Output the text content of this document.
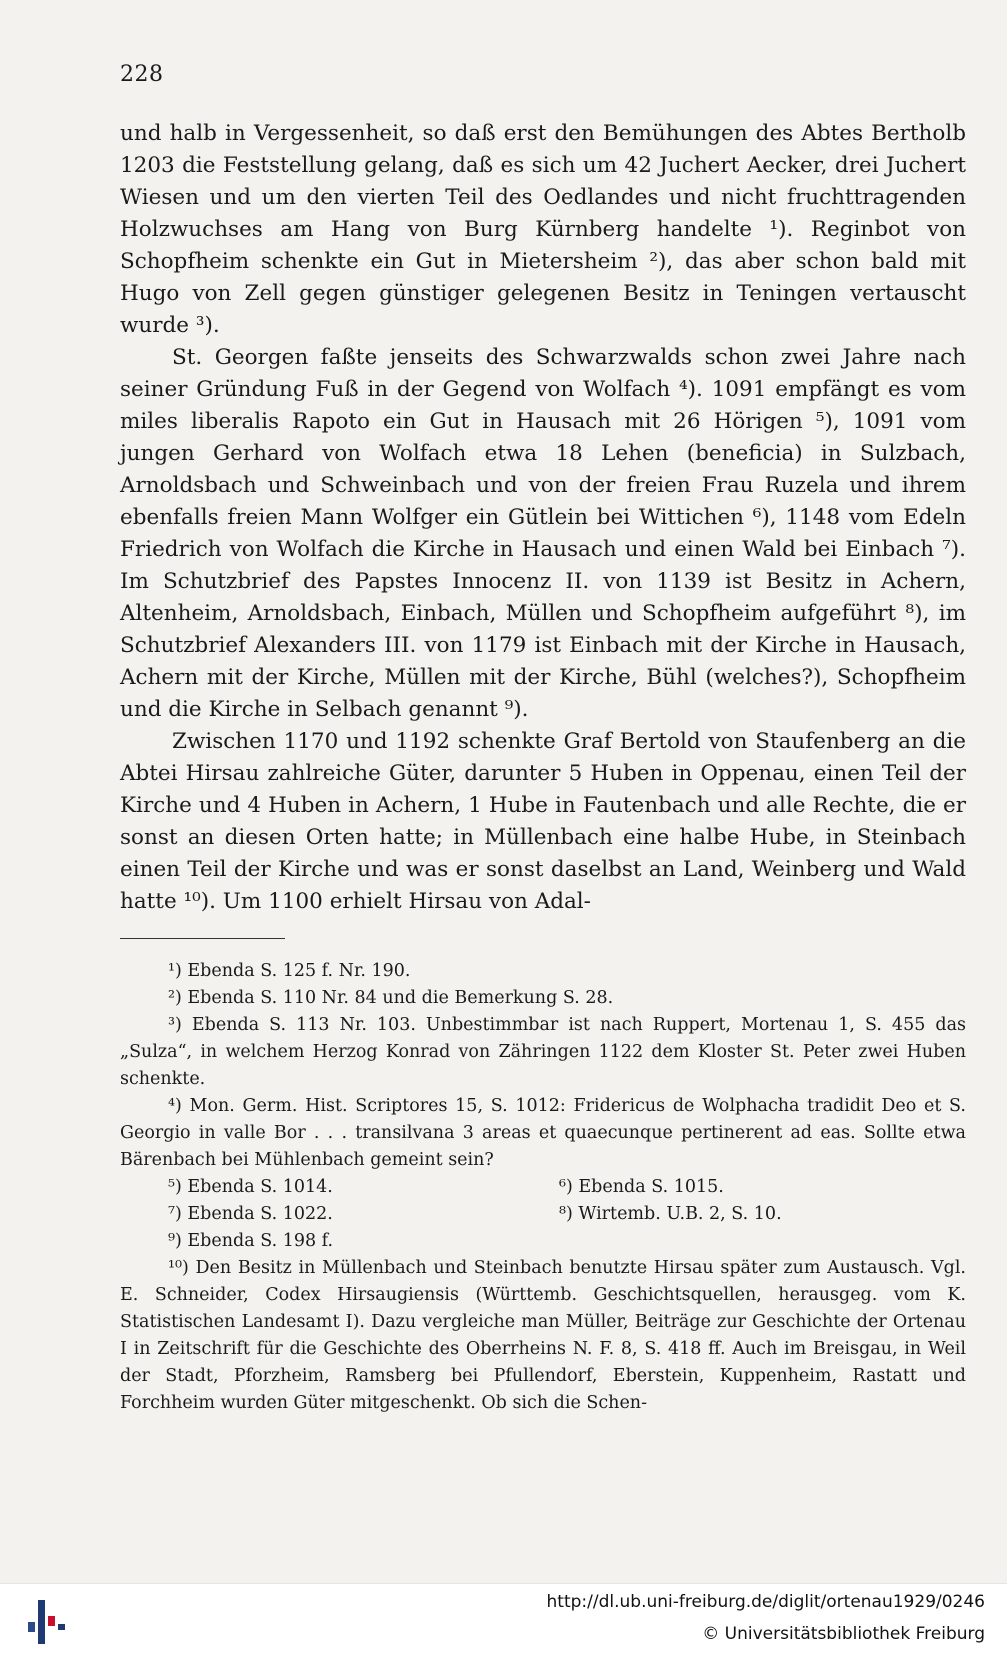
228

und halb in Vergessenheit, so daß erst den Bemühungen des Abtes Bertholb 1203 die Feststellung gelang, daß es sich um 42 Juchert Aecker, drei Juchert Wiesen und um den vierten Teil des Oedlandes und nicht fruchttragenden Holzwuchses am Hang von Burg Kürnberg handelte ¹). Reginbot von Schopfheim schenkte ein Gut in Mietersheim ²), das aber schon bald mit Hugo von Zell gegen günstiger gelegenen Besitz in Teningen vertauscht wurde ³).

St. Georgen faßte jenseits des Schwarzwalds schon zwei Jahre nach seiner Gründung Fuß in der Gegend von Wolfach ⁴). 1091 empfängt es vom miles liberalis Rapoto ein Gut in Hausach mit 26 Hörigen ⁵), 1091 vom jungen Gerhard von Wolfach etwa 18 Lehen (beneficia) in Sulzbach, Arnoldsbach und Schweinbach und von der freien Frau Ruzela und ihrem ebenfalls freien Mann Wolfger ein Gütlein bei Wittichen ⁶), 1148 vom Edeln Friedrich von Wolfach die Kirche in Hausach und einen Wald bei Einbach ⁷). Im Schutzbrief des Papstes Innocenz II. von 1139 ist Besitz in Achern, Altenheim, Arnoldsbach, Einbach, Müllen und Schopfheim aufgeführt ⁸), im Schutzbrief Alexanders III. von 1179 ist Einbach mit der Kirche in Hausach, Achern mit der Kirche, Müllen mit der Kirche, Bühl (welches?), Schopfheim und die Kirche in Selbach genannt ⁹).

Zwischen 1170 und 1192 schenkte Graf Bertold von Staufenberg an die Abtei Hirsau zahlreiche Güter, darunter 5 Huben in Oppenau, einen Teil der Kirche und 4 Huben in Achern, 1 Hube in Fautenbach und alle Rechte, die er sonst an diesen Orten hatte; in Müllenbach eine halbe Hube, in Steinbach einen Teil der Kirche und was er sonst daselbst an Land, Weinberg und Wald hatte ¹⁰). Um 1100 erhielt Hirsau von Adal-

¹) Ebenda S. 125 f. Nr. 190.

²) Ebenda S. 110 Nr. 84 und die Bemerkung S. 28.

³) Ebenda S. 113 Nr. 103. Unbestimmbar ist nach Ruppert, Mortenau 1, S. 455 das „Sulza“, in welchem Herzog Konrad von Zähringen 1122 dem Kloster St. Peter zwei Huben schenkte.

⁴) Mon. Germ. Hist. Scriptores 15, S. 1012: Fridericus de Wolphacha tradidit Deo et S. Georgio in valle Bor . . . transilvana 3 areas et quaecunque pertinerent ad eas. Sollte etwa Bärenbach bei Mühlenbach gemeint sein?

⁵) Ebenda S. 1014.	⁶) Ebenda S. 1015.
⁷) Ebenda S. 1022.	⁸) Wirtemb. U.B. 2, S. 10.
⁹) Ebenda S. 198 f.

¹⁰) Den Besitz in Müllenbach und Steinbach benutzte Hirsau später zum Austausch. Vgl. E. Schneider, Codex Hirsaugiensis (Württemb. Geschichtsquellen, herausgeg. vom K. Statistischen Landesamt I). Dazu vergleiche man Müller, Beiträge zur Geschichte der Ortenau I in Zeitschrift für die Geschichte des Oberrheins N. F. 8, S. 418 ff. Auch im Breisgau, in Weil der Stadt, Pforzheim, Ramsberg bei Pfullendorf, Eberstein, Kuppenheim, Rastatt und Forchheim wurden Güter mitgeschenkt. Ob sich die Schen-

http://dl.ub.uni-freiburg.de/diglit/ortenau1929/0246
© Universitätsbibliothek Freiburg
